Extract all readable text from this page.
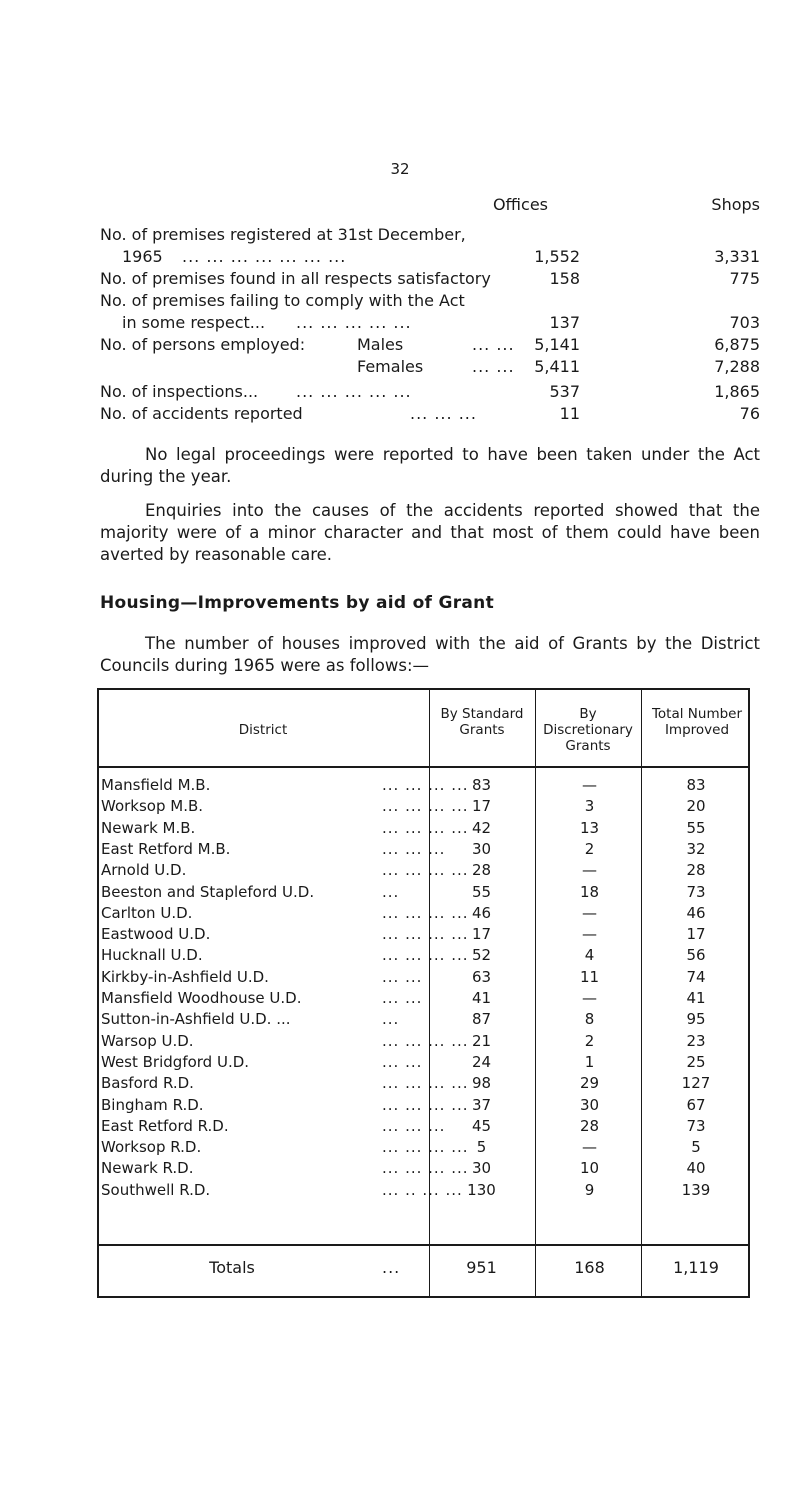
32
Offices	Shops
No. of premises registered at 31st December,
1965 ... ... ... ... ... ... ...	1,552	3,331
No. of premises found in all respects satisfactory	158	775
No. of premises failing to comply with the Act
in some respect... ... ... ... ... ...	137	703
No. of persons employed:	Males	... ... 5,141	6,875
Females	... ... 5,411	7,288
No. of inspections... ... ... ... ... ...	537	1,865
No. of accidents reported	... ... ...	11	76
No legal proceedings were reported to have been taken under the Act during the year.
Enquiries into the causes of the accidents reported showed that the majority were of a minor character and that most of them could have been averted by reasonable care.
Housing—Improvements by aid of Grant
The number of houses improved with the aid of Grants by the District Councils during 1965 were as follows:—
District
By Standard Grants
By Discretionary Grants
Total Number Improved
Mansfield M.B.	... ... ... ... 83	—	83
Worksop M.B.	... ... ... ... 17	3	20
Newark M.B.	... ... ... ... 42	13	55
East Retford M.B.	... ... ...	30	2	32
Arnold U.D.	... ... ... ... 28	—	28
Beeston and Stapleford U.D.	...	55	18	73
Carlton U.D.	... ... ... ... 46	—	46
Eastwood U.D.	... ... ... ... 17	—	17
Hucknall U.D.	... ... ... ... 52	4	56
Kirkby-in-Ashfield U.D.	... ...	63	11	74
Mansfield Woodhouse U.D.	... ...	41	—	41
Sutton-in-Ashfield U.D. ...	...	87	8	95
Warsop U.D.	... ... ... ... 21	2	23
West Bridgford U.D.	... ...	24	1	25
Basford R.D.	... ... ... ... 98	29	127
Bingham R.D.	... ... ... ... 37	30	67
East Retford R.D.	... ... ...	45	28	73
Worksop R.D.	... ... ... ... 5	—	5
Newark R.D.	... ... ... ... 30	10	40
Southwell R.D.	... .. ... ... 130	9	139
Totals	...	951	168	1,119
